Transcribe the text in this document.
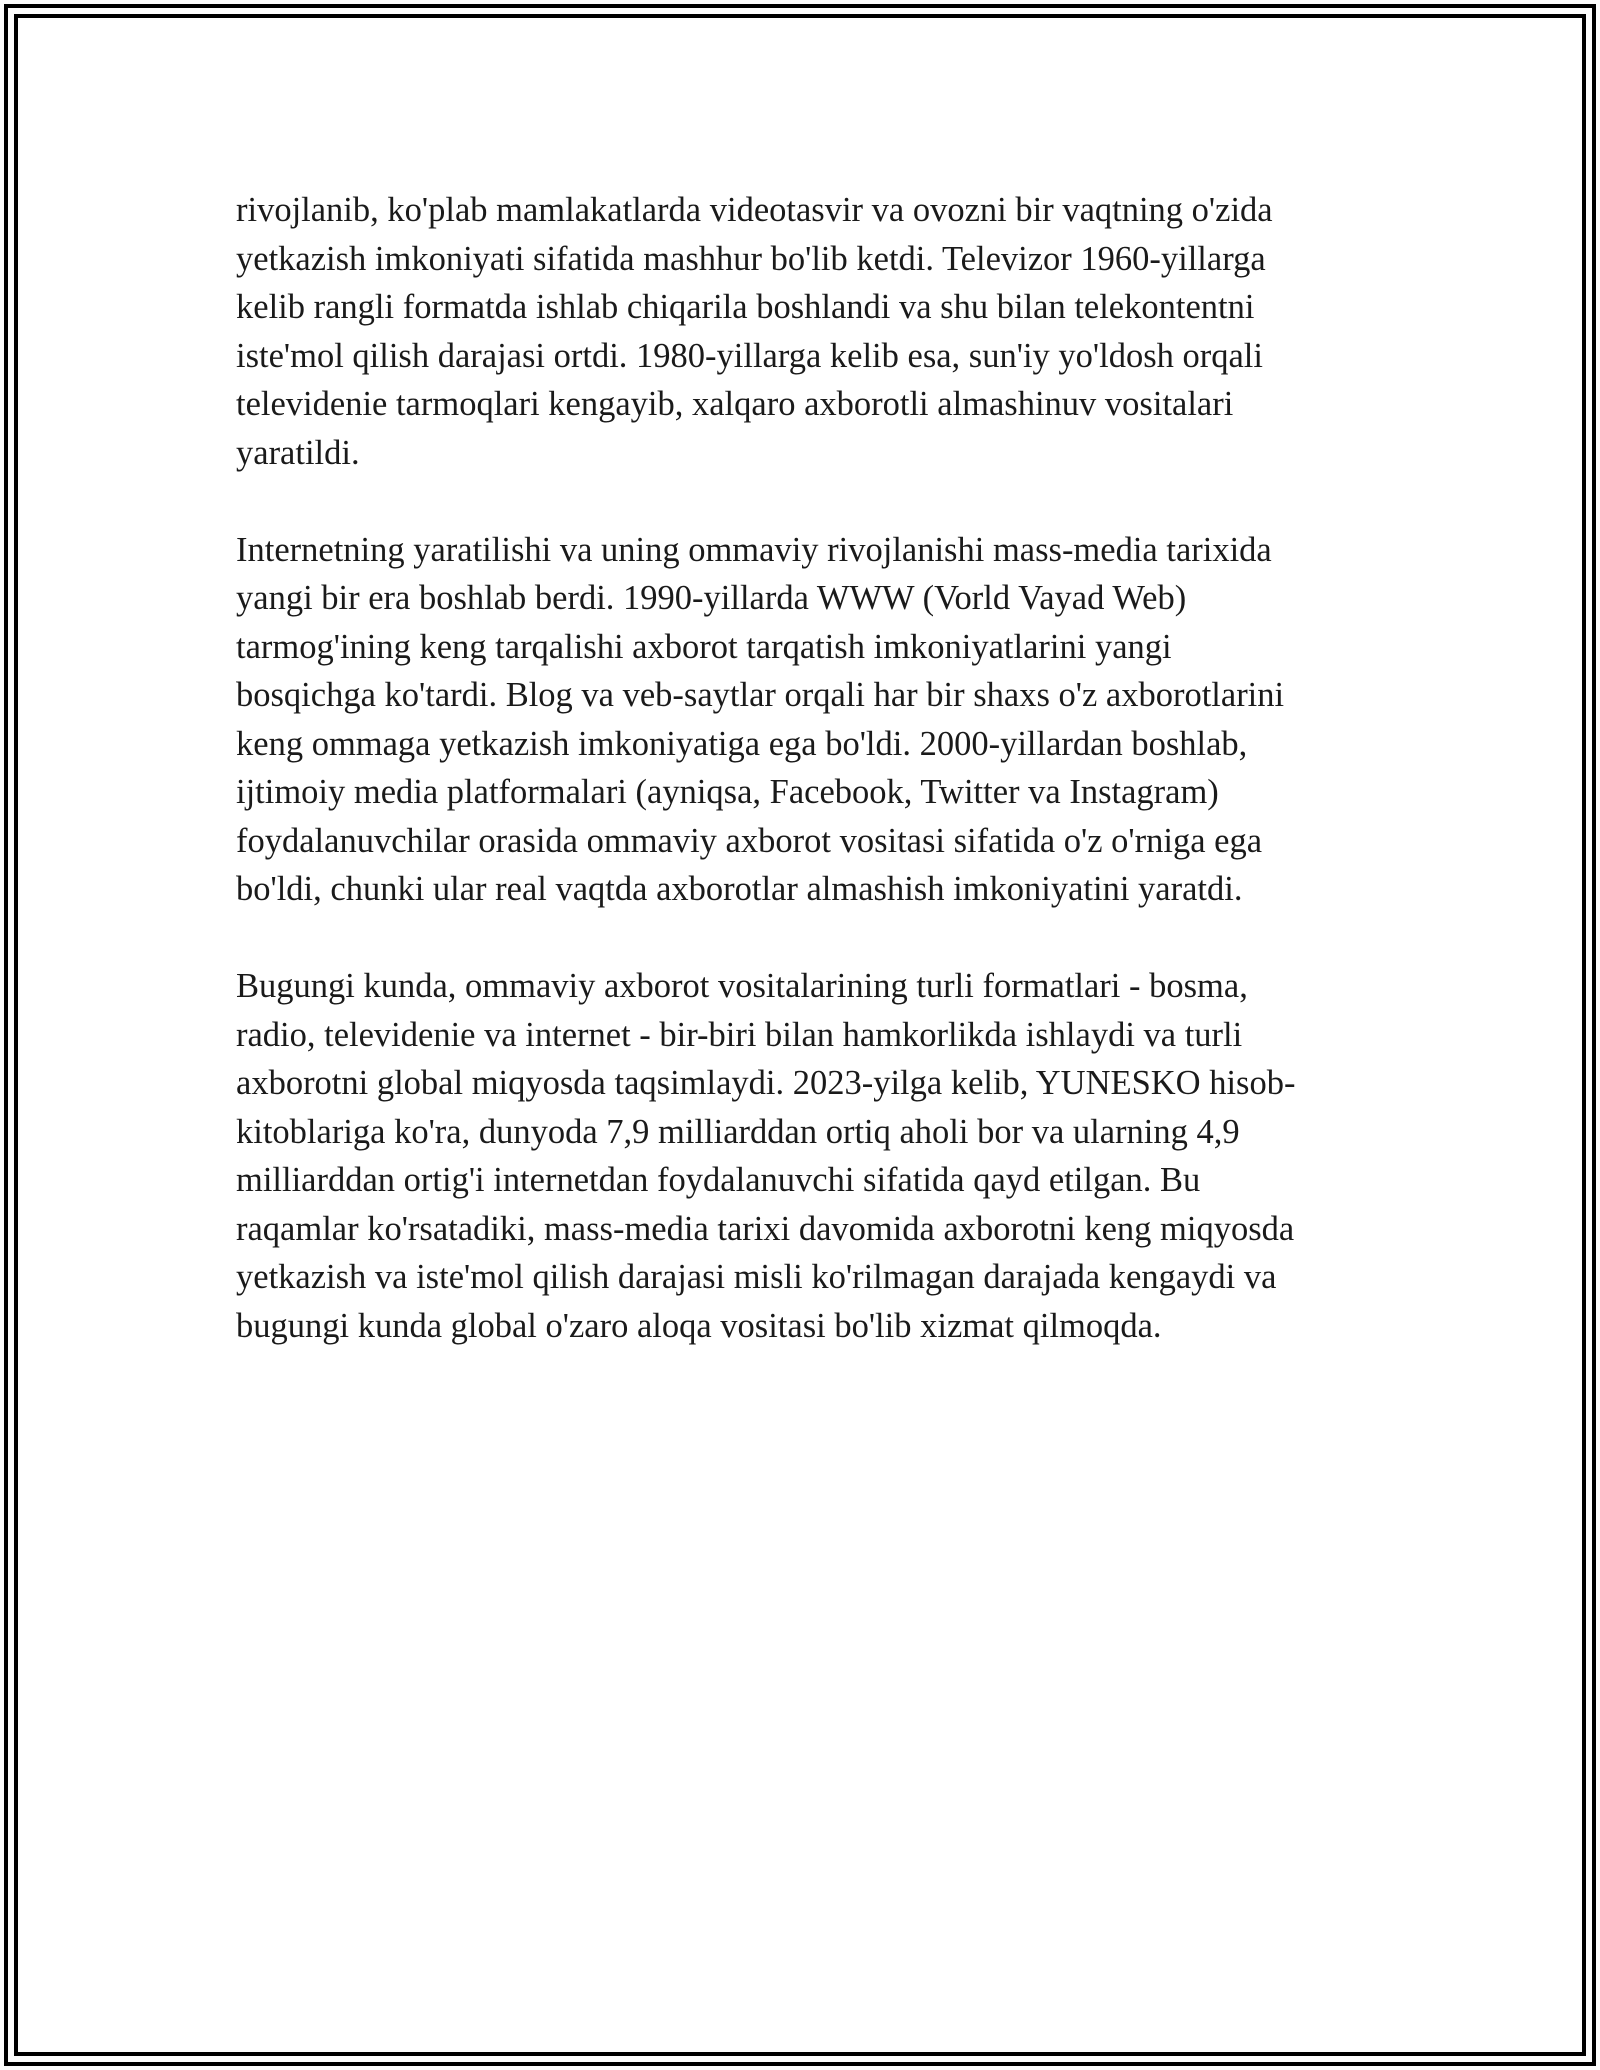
rivojlanib, ko'plab mamlakatlarda videotasvir va ovozni bir vaqtning o'zida
yetkazish imkoniyati sifatida mashhur bo'lib ketdi. Televizor 1960-yillarga
kelib rangli formatda ishlab chiqarila boshlandi va shu bilan telekontentni
iste'mol qilish darajasi ortdi. 1980-yillarga kelib esa, sun'iy yo'ldosh orqali
televidenie tarmoqlari kengayib, xalqaro axborotli almashinuv vositalari
yaratildi.
Internetning yaratilishi va uning ommaviy rivojlanishi mass-media tarixida
yangi bir era boshlab berdi. 1990-yillarda WWW (Vorld Vayad Web)
tarmog'ining keng tarqalishi axborot tarqatish imkoniyatlarini yangi
bosqichga ko'tardi. Blog va veb-saytlar orqali har bir shaxs o'z axborotlarini
keng ommaga yetkazish imkoniyatiga ega bo'ldi. 2000-yillardan boshlab,
ijtimoiy media platformalari (ayniqsa, Facebook, Twitter va Instagram)
foydalanuvchilar orasida ommaviy axborot vositasi sifatida o'z o'rniga ega
bo'ldi, chunki ular real vaqtda axborotlar almashish imkoniyatini yaratdi.
Bugungi kunda, ommaviy axborot vositalarining turli formatlari - bosma,
radio, televidenie va internet - bir-biri bilan hamkorlikda ishlaydi va turli
axborotni global miqyosda taqsimlaydi. 2023-yilga kelib, YUNESKO hisob-
kitoblariga ko'ra, dunyoda 7,9 milliarddan ortiq aholi bor va ularning 4,9
milliarddan ortig'i internetdan foydalanuvchi sifatida qayd etilgan. Bu
raqamlar ko'rsatadiki, mass-media tarixi davomida axborotni keng miqyosda
yetkazish va iste'mol qilish darajasi misli ko'rilmagan darajada kengaydi va
bugungi kunda global o'zaro aloqa vositasi bo'lib xizmat qilmoqda.
